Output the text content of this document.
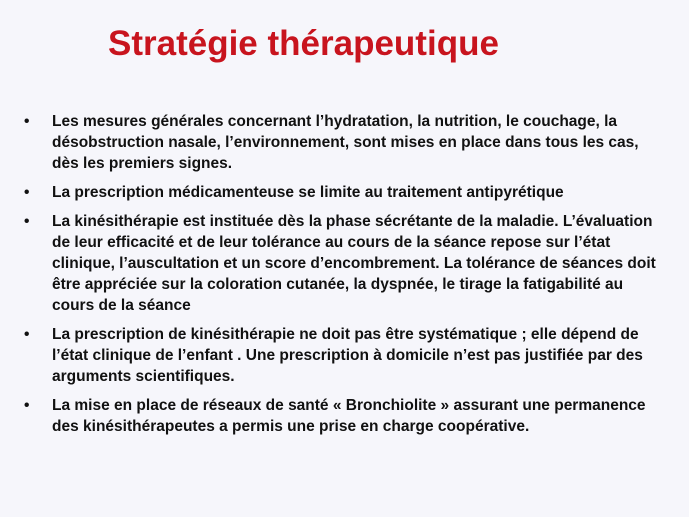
Stratégie thérapeutique
• Les mesures générales concernant l’hydratation, la nutrition, le couchage, la désobstruction nasale, l’environnement, sont mises en place dans tous les cas, dès les premiers signes.
• La prescription médicamenteuse se limite au traitement antipyrétique
• La kinésithérapie est instituée dès la phase sécrétante de la maladie. L’évaluation de leur efficacité et de leur tolérance au cours de la séance repose sur l’état clinique, l’auscultation et un score d’encombrement. La tolérance de séances doit être appréciée sur la coloration cutanée, la dyspnée, le tirage la fatigabilité au cours de la séance
• La prescription de kinésithérapie ne doit pas être systématique ; elle dépend de l’état clinique de l’enfant . Une prescription à domicile n’est pas justifiée par des arguments scientifiques.
• La mise en place de réseaux de santé « Bronchiolite » assurant une permanence des kinésithérapeutes a permis une prise en charge coopérative.
